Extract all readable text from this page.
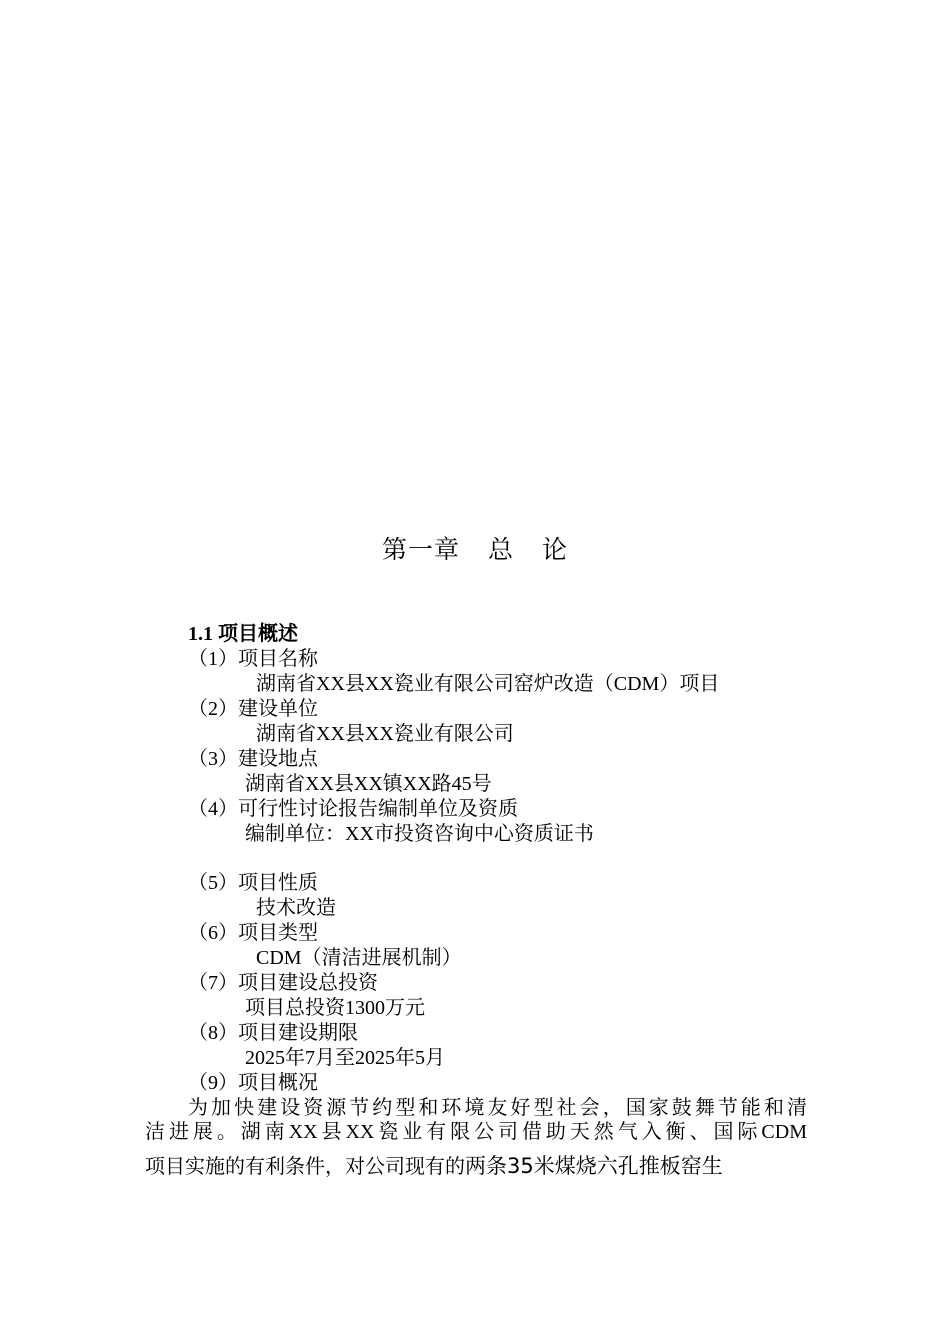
第一章 总 论
1.1 项目概述
（1）项目名称
湖南省XX县XX瓷业有限公司窑炉改造（CDM）项目
（2）建设单位
湖南省XX县XX瓷业有限公司
（3）建设地点
湖南省XX县XX镇XX路45号
（4）可行性讨论报告编制单位及资质
编制单位：XX市投资咨询中心资质证书
（5）项目性质
技术改造
（6）项目类型
CDM（清洁进展机制）
（7）项目建设总投资
项目总投资1300万元
（8）项目建设期限
2025年7月至2025年5月
（9）项目概况
为加快建设资源节约型和环境友好型社会，国家鼓舞节能和清
洁进展。湖南XX县XX瓷业有限公司借助天然气入衡、国际CDM
项目实施的有利条件，对公司现有的两条35米煤烧六孔推板窑生
